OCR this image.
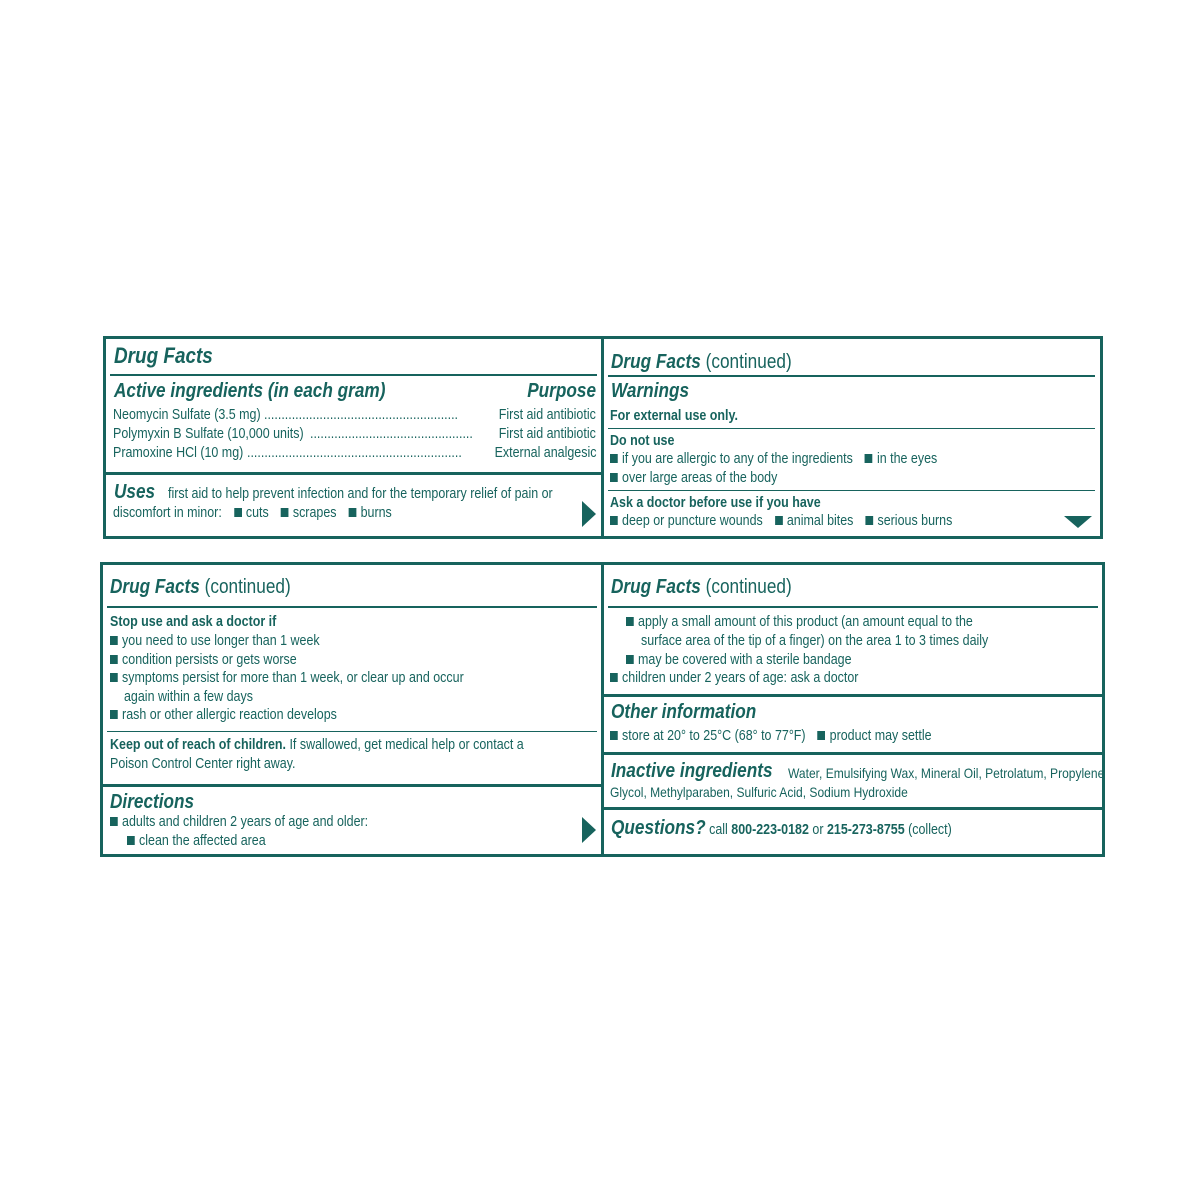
Drug Facts
Active ingredients (in each gram)	Purpose
Neomycin Sulfate (3.5 mg) ........................................................	First aid antibiotic
Polymyxin B Sulfate (10,000 units) ............................................... First aid antibiotic
Pramoxine HCl (10 mg) .............................................................. External analgesic
Uses first aid to help prevent infection and for the temporary relief of pain or
discomfort in minor: cuts scrapes burns
Drug Facts (continued)
Warnings
For external use only.
Do not use
if you are allergic to any of the ingredients in the eyes
over large areas of the body
Ask a doctor before use if you have
deep or puncture wounds animal bites serious burns
Drug Facts (continued)
Stop use and ask a doctor if
you need to use longer than 1 week
condition persists or gets worse
symptoms persist for more than 1 week, or clear up and occur
again within a few days
rash or other allergic reaction develops
Keep out of reach of children. If swallowed, get medical help or contact a
Poison Control Center right away.
Directions
adults and children 2 years of age and older:
clean the affected area
Drug Facts (continued)
apply a small amount of this product (an amount equal to the
surface area of the tip of a finger) on the area 1 to 3 times daily
may be covered with a sterile bandage
children under 2 years of age: ask a doctor
Other information
store at 20° to 25°C (68° to 77°F) product may settle
Inactive ingredients Water, Emulsifying Wax, Mineral Oil, Petrolatum, Propylene
Glycol, Methylparaben, Sulfuric Acid, Sodium Hydroxide
Questions? call 800-223-0182 or 215-273-8755 (collect)
